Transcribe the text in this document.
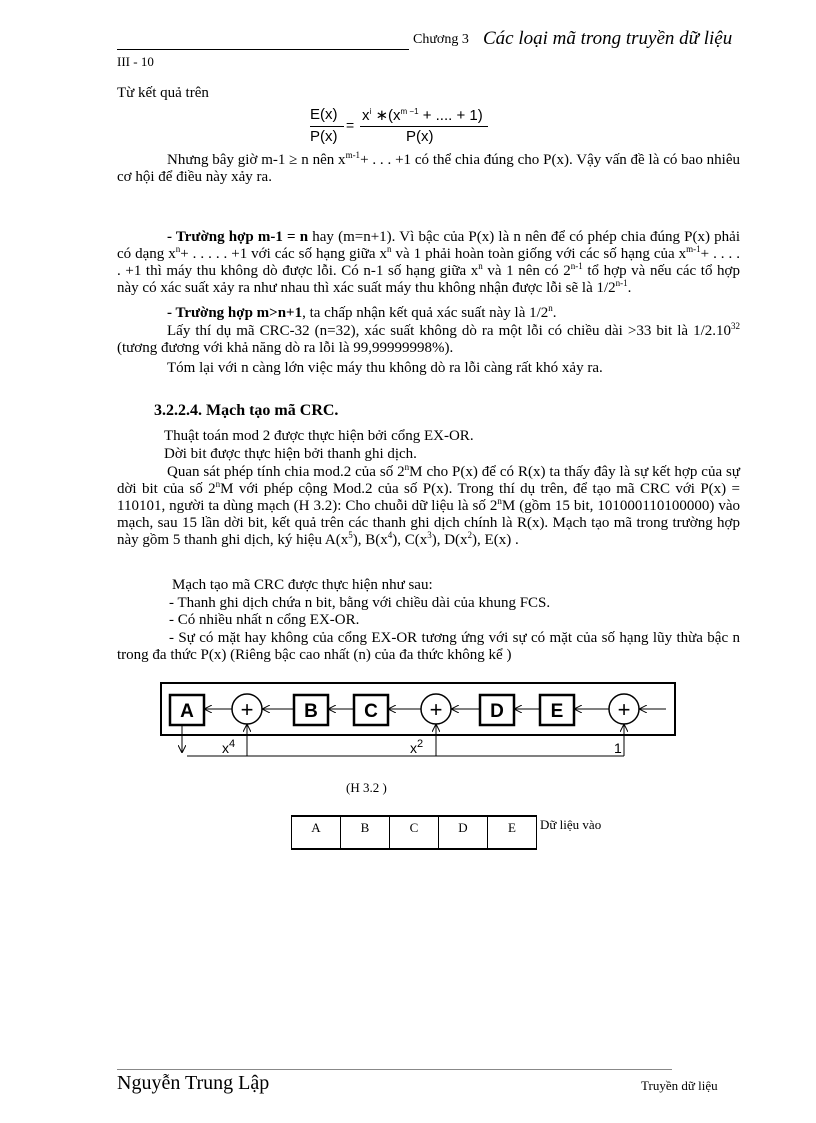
Chương 3 Các loại mã trong truyền dữ liệu
III - 10
Từ kết quả trên
E(x)
P(x)
=
$x^i$ $∗(x^{m -1}$ + .... + 1)
P(x)
Nhưng bây giờ m-1 ≥ n nên $x^{m-1}+$ . . . +1 có thể chia đúng cho P(x). Vậy vấn đề là có bao nhiêu cơ hội để điều này xảy ra.
- Trường hợp m-1 = n hay (m=n+1). Vì bậc của P(x) là n nên để có phép chia đúng P(x) phải có dạng $x^n+$ . . . . . +1 với các số hạng giữa $x^n$ và 1 phải hoàn toàn giống với các số hạng của $x^{m-1}+$ . . . . . +1 thì máy thu không dò được lỗi. Có n-1 số hạng giữa $x^n$ và 1 nên có 2$^{n-1}$ tổ hợp và nếu các tổ hợp này có xác suất xảy ra như nhau thì xác suất máy thu không nhận được lỗi sẽ là 1/2$^{n-1}$.
- Trường hợp m>n+1, ta chấp nhận kết quả xác suất này là 1/2$^n$.
Lấy thí dụ mã CRC-32 (n=32), xác suất không dò ra một lỗi có chiều dài >33 bit là 1/2.10$^{32}$ (tương đương với khả năng dò ra lỗi là 99,99999998%).
Tóm lại với n càng lớn việc máy thu không dò ra lỗi càng rất khó xảy ra.
3.2.2.4. Mạch tạo mã CRC.
Thuật toán mod 2 được thực hiện bởi cổng EX-OR.
Dời bit được thực hiện bởi thanh ghi dịch.
Quan sát phép tính chia mod.2 của số 2$^n$M cho P(x) để có R(x) ta thấy đây là sự kết hợp của sự dời bit của số 2$^n$M với phép cộng Mod.2 của số P(x). Trong thí dụ trên, để tạo mã CRC với P(x) = 110101, người ta dùng mạch (H 3.2): Cho chuỗi dữ liệu là số 2$^n$M (gồm 15 bit, 101000110100000) vào mạch, sau 15 lần dời bit, kết quả trên các thanh ghi dịch chính là R(x). Mạch tạo mã trong trường hợp này gồm 5 thanh ghi dịch, ký hiệu $A(x^5)$, $B(x^4)$, $C(x^3)$, $D(x^2)$, E(x) .
Mạch tạo mã CRC được thực hiện như sau:
- Thanh ghi dịch chứa n bit, bằng với chiều dài của khung FCS.
- Có nhiều nhất n cổng EX-OR.
- Sự có mặt hay không của cổng EX-OR tương ứng với sự có mặt của số hạng lũy thừa bậc n trong đa thức P(x) (Riêng bậc cao nhất (n) của đa thức không kể )
A	B C	D E
+	+	+
$x^4$	$x^2$	1
(H 3.2 )
A	B	C	D	E Dữ liệu vào
Nguyễn Trung Lập	Truyền dữ liệu
